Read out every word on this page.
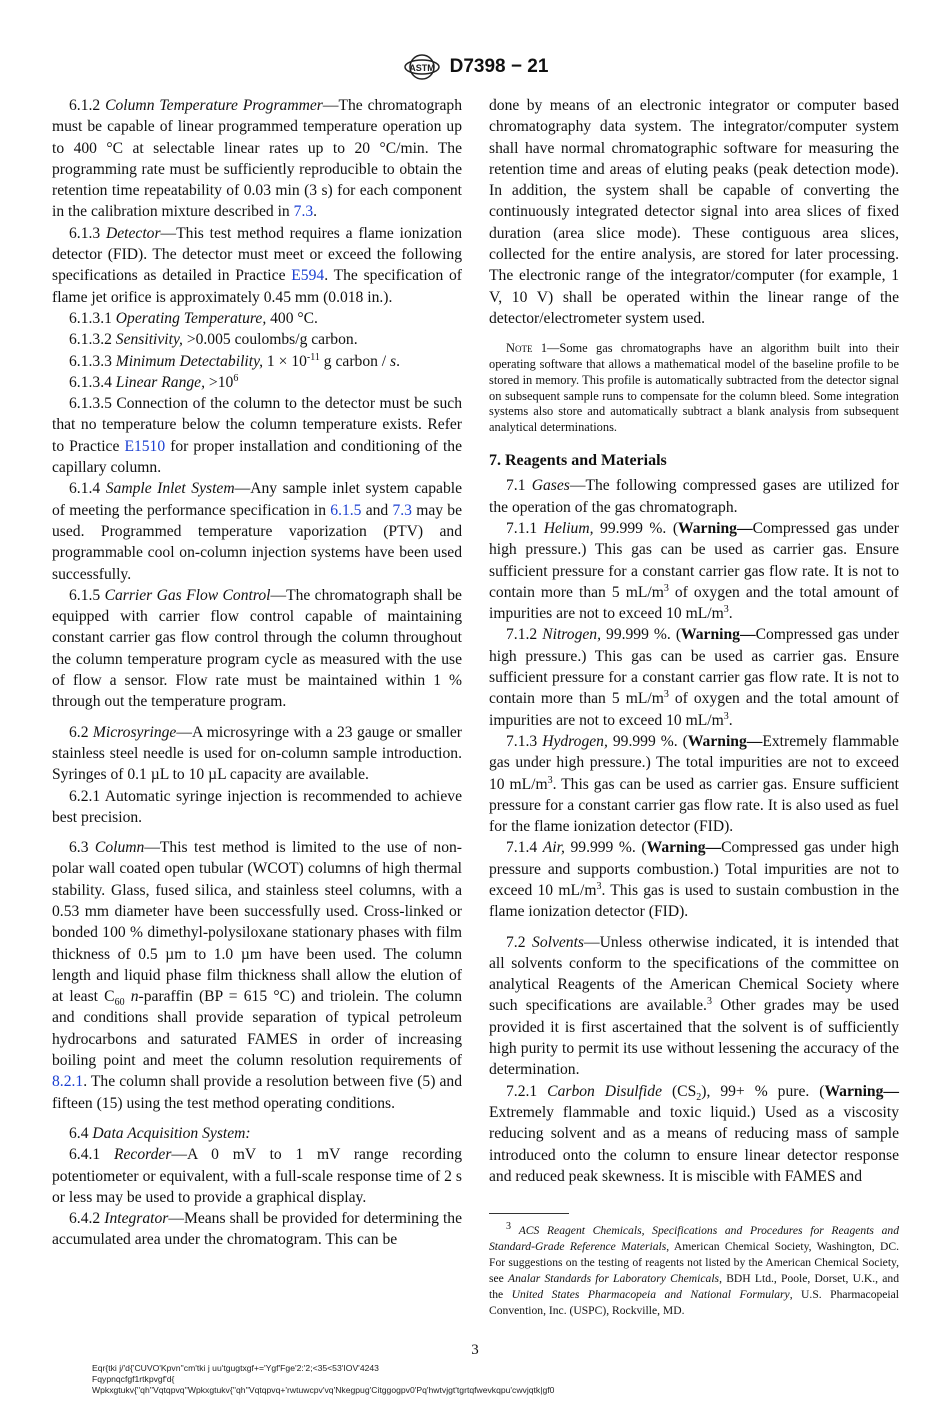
ASTM D7398 − 21
6.1.2 Column Temperature Programmer—The chromatograph must be capable of linear programmed temperature operation up to 400 °C at selectable linear rates up to 20 °C/min. The programming rate must be sufficiently reproducible to obtain the retention time repeatability of 0.03 min (3 s) for each component in the calibration mixture described in 7.3.
6.1.3 Detector—This test method requires a flame ionization detector (FID). The detector must meet or exceed the following specifications as detailed in Practice E594. The specification of flame jet orifice is approximately 0.45 mm (0.018 in.).
6.1.3.1 Operating Temperature, 400 °C.
6.1.3.2 Sensitivity, >0.005 coulombs/g carbon.
6.1.3.3 Minimum Detectability, $1 \times 10^{-11}$ g carbon / s.
6.1.3.4 Linear Range, $>10^6$
6.1.3.5 Connection of the column to the detector must be such that no temperature below the column temperature exists. Refer to Practice E1510 for proper installation and conditioning of the capillary column.
6.1.4 Sample Inlet System—Any sample inlet system capable of meeting the performance specification in 6.1.5 and 7.3 may be used. Programmed temperature vaporization (PTV) and programmable cool on-column injection systems have been used successfully.
6.1.5 Carrier Gas Flow Control—The chromatograph shall be equipped with carrier flow control capable of maintaining constant carrier gas flow control through the column throughout the column temperature program cycle as measured with the use of flow a sensor. Flow rate must be maintained within 1 % through out the temperature program.
6.2 Microsyringe—A microsyringe with a 23 gauge or smaller stainless steel needle is used for on-column sample introduction. Syringes of 0.1 µL to 10 µL capacity are available.
6.2.1 Automatic syringe injection is recommended to achieve best precision.
6.3 Column—This test method is limited to the use of non-polar wall coated open tubular (WCOT) columns of high thermal stability. Glass, fused silica, and stainless steel columns, with a 0.53 mm diameter have been successfully used. Cross-linked or bonded 100 % dimethyl-polysiloxane stationary phases with film thickness of 0.5 µm to 1.0 µm have been used. The column length and liquid phase film thickness shall allow the elution of at least $C_{60}$ n-paraffin (BP = 615 °C) and triolein. The column and conditions shall provide separation of typical petroleum hydrocarbons and saturated FAMES in order of increasing boiling point and meet the column resolution requirements of 8.2.1. The column shall provide a resolution between five (5) and fifteen (15) using the test method operating conditions.
6.4 Data Acquisition System:
6.4.1 Recorder—A 0 mV to 1 mV range recording potentiometer or equivalent, with a full-scale response time of 2 s or less may be used to provide a graphical display.
6.4.2 Integrator—Means shall be provided for determining the accumulated area under the chromatogram. This can be
done by means of an electronic integrator or computer based chromatography data system. The integrator/computer system shall have normal chromatographic software for measuring the retention time and areas of eluting peaks (peak detection mode). In addition, the system shall be capable of converting the continuously integrated detector signal into area slices of fixed duration (area slice mode). These contiguous area slices, collected for the entire analysis, are stored for later processing. The electronic range of the integrator/computer (for example, 1 V, 10 V) shall be operated within the linear range of the detector/electrometer system used.
Note 1—Some gas chromatographs have an algorithm built into their operating software that allows a mathematical model of the baseline profile to be stored in memory. This profile is automatically subtracted from the detector signal on subsequent sample runs to compensate for the column bleed. Some integration systems also store and automatically subtract a blank analysis from subsequent analytical determinations.
7. Reagents and Materials
7.1 Gases—The following compressed gases are utilized for the operation of the gas chromatograph.
7.1.1 Helium, 99.999 %. (Warning—Compressed gas under high pressure.) This gas can be used as carrier gas. Ensure sufficient pressure for a constant carrier gas flow rate. It is not to contain more than 5 $mL/m^3$ of oxygen and the total amount of impurities are not to exceed 10 $mL/m^3$.
7.1.2 Nitrogen, 99.999 %. (Warning—Compressed gas under high pressure.) This gas can be used as carrier gas. Ensure sufficient pressure for a constant carrier gas flow rate. It is not to contain more than 5 $mL/m^3$ of oxygen and the total amount of impurities are not to exceed 10 $mL/m^3$.
7.1.3 Hydrogen, 99.999 %. (Warning—Extremely flammable gas under high pressure.) The total impurities are not to exceed 10 $mL/m^3$. This gas can be used as carrier gas. Ensure sufficient pressure for a constant carrier gas flow rate. It is also used as fuel for the flame ionization detector (FID).
7.1.4 Air, 99.999 %. (Warning—Compressed gas under high pressure and supports combustion.) Total impurities are not to exceed 10 $mL/m^3$. This gas is used to sustain combustion in the flame ionization detector (FID).
7.2 Solvents—Unless otherwise indicated, it is intended that all solvents conform to the specifications of the committee on analytical Reagents of the American Chemical Society where such specifications are available.$^3$ Other grades may be used provided it is first ascertained that the solvent is of sufficiently high purity to permit its use without lessening the accuracy of the determination.
7.2.1 Carbon Disulfide $(CS_2)$, 99+ % pure. (Warning—Extremely flammable and toxic liquid.) Used as a viscosity reducing solvent and as a means of reducing mass of sample introduced onto the column to ensure linear detector response and reduced peak skewness. It is miscible with FAMES and
$^3$ ACS Reagent Chemicals, Specifications and Procedures for Reagents and Standard-Grade Reference Materials, American Chemical Society, Washington, DC. For suggestions on the testing of reagents not listed by the American Chemical Society, see Analar Standards for Laboratory Chemicals, BDH Ltd., Poole, Dorset, U.K., and the United States Pharmacopeia and National Formulary, U.S. Pharmacopeial Convention, Inc. (USPC), Rockville, MD.
3
Eqr{tki j/'d{'CUVO'Kpvn''cm'tki j uu'tgugtxgf+='Ygf'Fge'2:'2;<35<53'IOV'4243
Fqypnqcfgf1rtkpvgf'd{
Wpkxgtukv{''qh''Vqtqpvq''Wpkxgtukv{''qh''Vqtqpvq+'rwtuwcpv'vq'Nkegpug'Citggogpv0'Pq'hwtvjgt'tgrtqfwevkqpu'cwvjqtk|gf0
